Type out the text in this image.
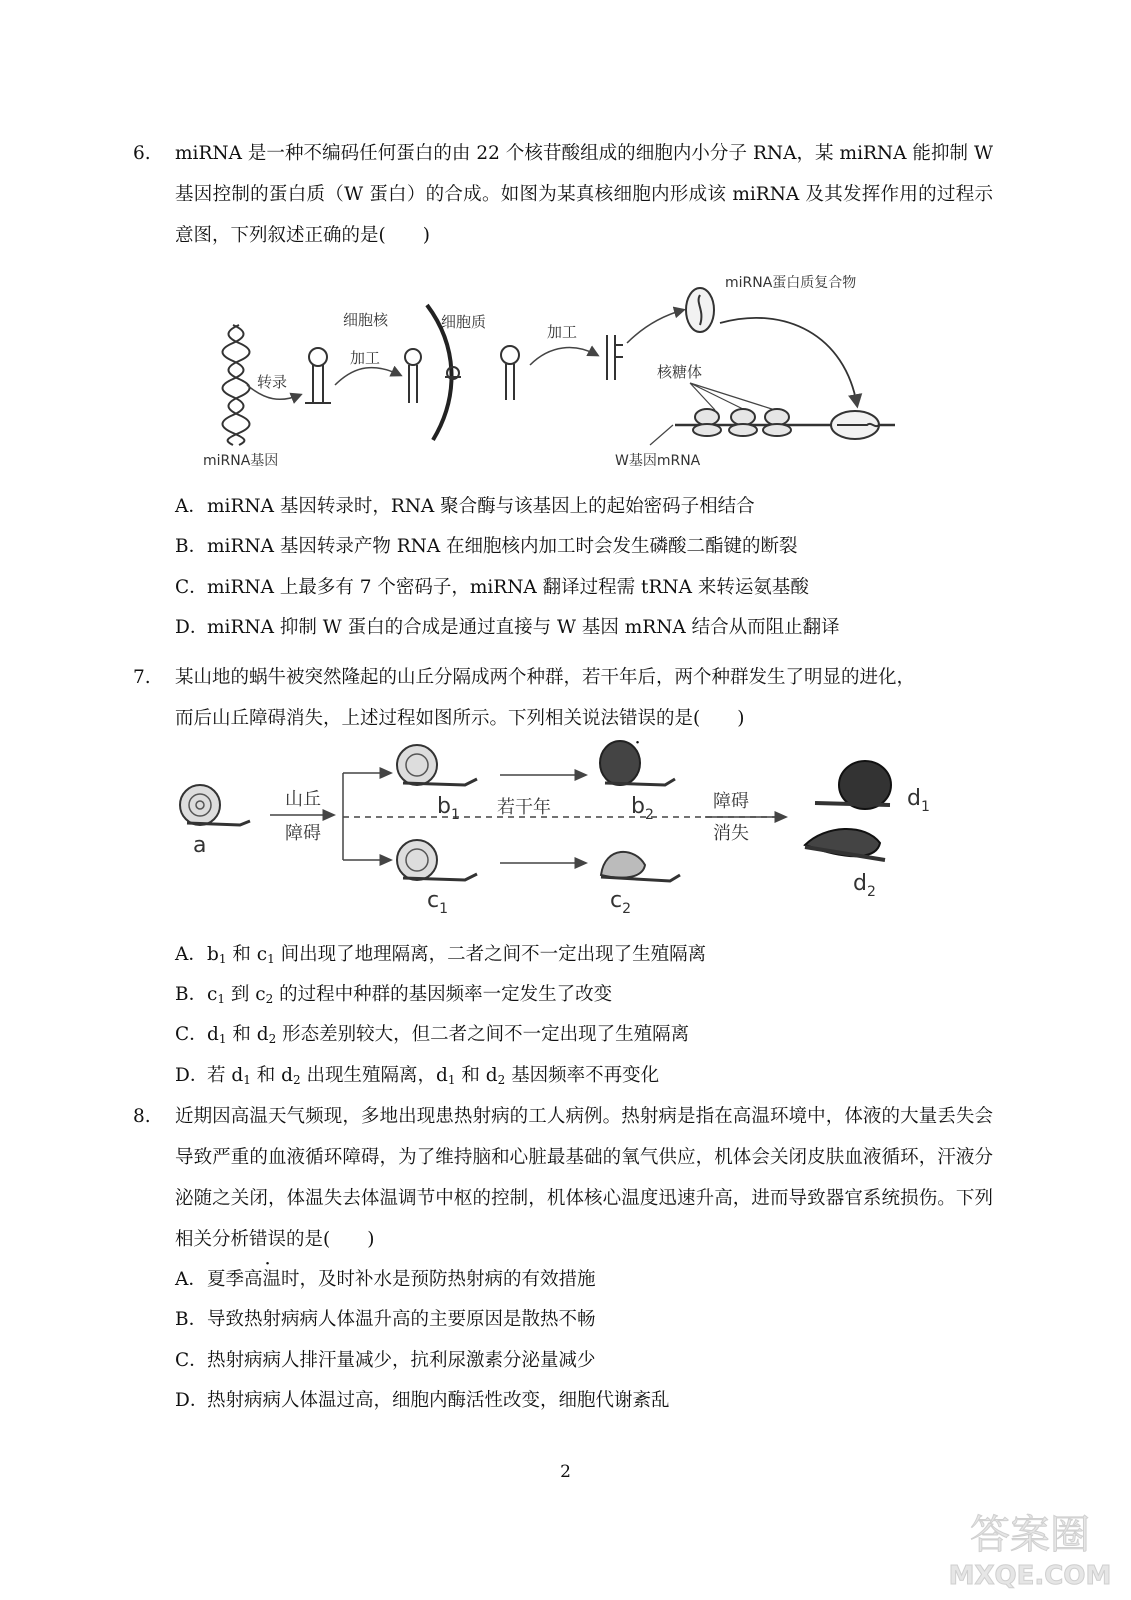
6.	miRNA 是一种不编码任何蛋白的由 22 个核苷酸组成的细胞内小分子 RNA，某 miRNA 能抑制 W 基因控制的蛋白质（W 蛋白）的合成。如图为某真核细胞内形成该 miRNA 及其发挥作用的过程示意图，下列叙述正确的是(　　)
转录
加工
细胞核	细胞质
加工
miRNA蛋白质复合物
核糖体
W基因mRNA
miRNA基因
A．miRNA 基因转录时，RNA 聚合酶与该基因上的起始密码子相结合
B．miRNA 基因转录产物 RNA 在细胞核内加工时会发生磷酸二酯键的断裂
C．miRNA 上最多有 7 个密码子，miRNA 翻译过程需 tRNA 来转运氨基酸
D．miRNA 抑制 W 蛋白的合成是通过直接与 W 基因 mRNA 结合从而阻止翻译
7.	某山地的蜗牛被突然隆起的山丘分隔成两个种群，若干年后，两个种群发生了明显的进化，
而后山丘障碍消失，上述过程如图所示。下列相关说法错误的是(　　)
a
山丘
障碍
$b_1$
$c_1$
若干年	$b_2$
$c_2$
障碍
消失
$d_1$
$d_2$
A．$b_1$ 和 $c_1$ 间出现了地理隔离，二者之间不一定出现了生殖隔离
B．$c_1$ 到 $c_2$ 的过程中种群的基因频率一定发生了改变
C．$d_1$ 和 $d_2$ 形态差别较大，但二者之间不一定出现了生殖隔离
D．若 $d_1$ 和 $d_2$ 出现生殖隔离，$d_1$ 和 $d_2$ 基因频率不再变化
8.	近期因高温天气频现，多地出现患热射病的工人病例。热射病是指在高温环境中，体液的大量丢失会导致严重的血液循环障碍，为了维持脑和心脏最基础的氧气供应，机体会关闭皮肤血液循环，汗液分泌随之关闭，体温失去体温调节中枢的控制，机体核心温度迅速升高，进而导致器官系统损伤。下列相关分析错误的是(　　)
A．夏季高温时，及时补水是预防热射病的有效措施
B．导致热射病病人体温升高的主要原因是散热不畅
C．热射病病人排汗量减少，抗利尿激素分泌量减少
D．热射病病人体温过高，细胞内酶活性改变，细胞代谢紊乱
2
答案圈
MXQE.COM
